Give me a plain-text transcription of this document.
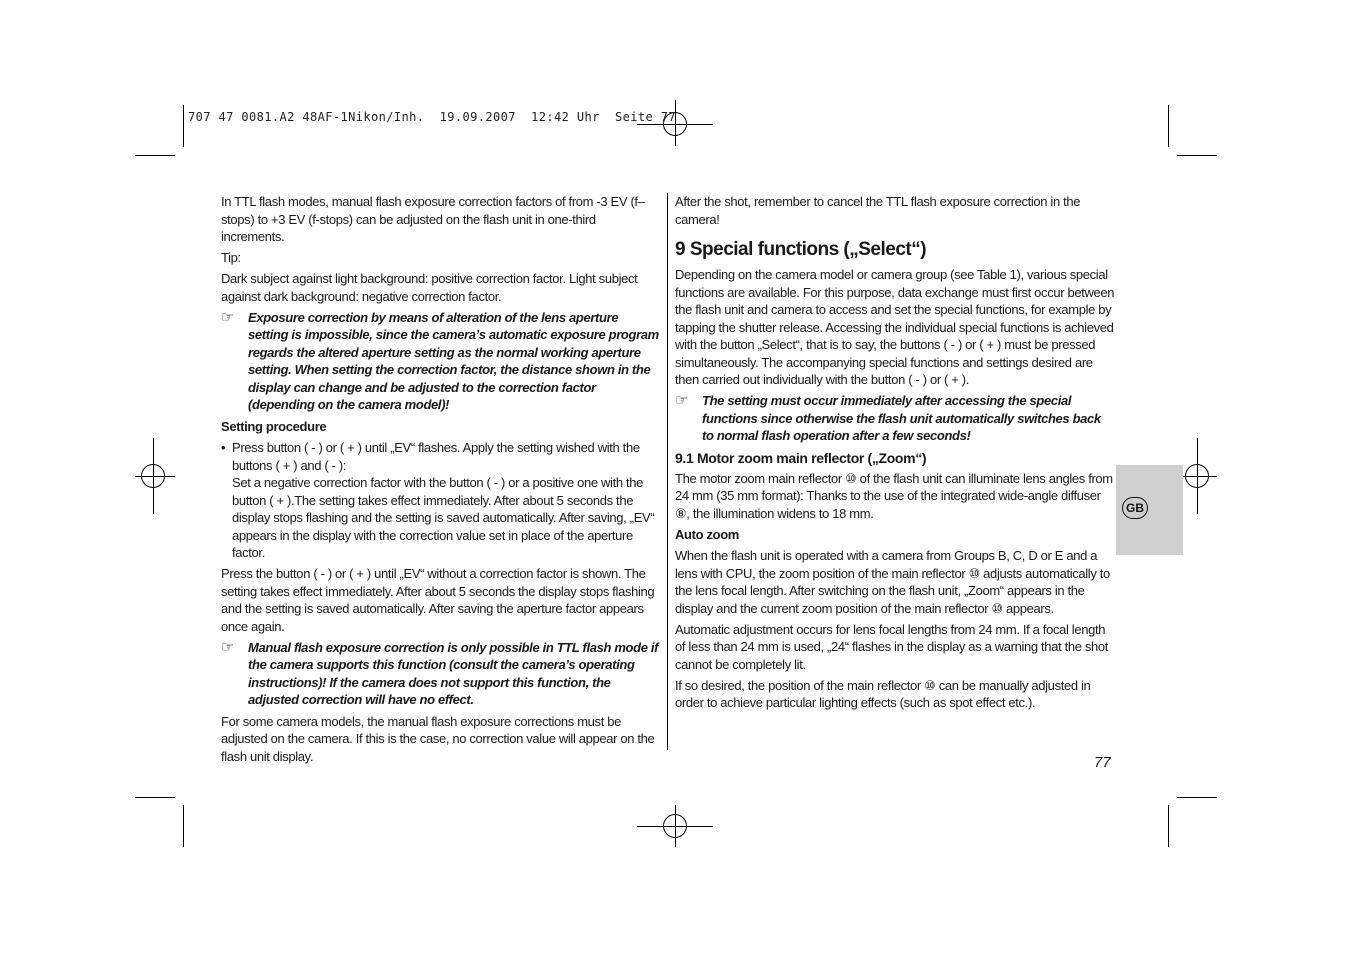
707 47 0081.A2 48AF-1Nikon/Inh.  19.09.2007  12:42 Uhr  Seite 77

In TTL flash modes, manual flash exposure correction factors of from -3 EV (f–stops) to +3 EV (f-stops) can be adjusted on the flash unit in one-third increments.

Tip:

Dark subject against light background: positive correction factor. Light subject against dark background: negative correction factor.

☞ Exposure correction by means of alteration of the lens aperture setting is impossible, since the camera’s automatic exposure program regards the altered aperture setting as the normal working aperture setting. When setting the correction factor, the distance shown in the display can change and be adjusted to the correction factor (depending on the camera model)!
Setting procedure
• Press button ( - ) or ( + ) until „EV“ flashes. Apply the setting wished with the buttons ( + ) and ( - ):

Set a negative correction factor with the button ( - ) or a positive one with the button ( + ).The setting takes effect immediately. After about 5 seconds the display stops flashing and the setting is saved automatically. After saving, „EV“ appears in the display with the correction value set in place of the aperture factor.

Press the button ( - ) or ( + ) until „EV“ without a correction factor is shown. The setting takes effect immediately. After about 5 seconds the display stops flashing and the setting is saved automatically. After saving the aperture factor appears once again.

☞ Manual flash exposure correction is only possible in TTL flash mode if the camera supports this function (consult the camera’s operating instructions)! If the camera does not support this function, the adjusted correction will have no effect.

For some camera models, the manual flash exposure corrections must be adjusted on the camera. If this is the case, no correction value will appear on the flash unit display.

After the shot, remember to cancel the TTL flash exposure correction in the camera!

9 Special functions („Select“)

Depending on the camera model or camera group (see Table 1), various special functions are available. For this purpose, data exchange must first occur between the flash unit and camera to access and set the special functions, for example by tapping the shutter release. Accessing the individual special functions is achieved with the button „Select“, that is to say, the buttons ( - ) or ( + ) must be pressed simultaneously. The accompanying special functions and settings desired are then carried out individually with the button ( - ) or ( + ).

☞ The setting must occur immediately after accessing the special functions since otherwise the flash unit automatically switches back to normal flash operation after a few seconds!
9.1 Motor zoom main reflector („Zoom“)

The motor zoom main reflector ⑩ of the flash unit can illuminate lens angles from 24 mm (35 mm format): Thanks to the use of the integrated wide-angle diffuser ⑧, the illumination widens to 18 mm.

Auto zoom

When the flash unit is operated with a camera from Groups B, C, D or E and a lens with CPU, the zoom position of the main reflector ⑩ adjusts automatically to the lens focal length. After switching on the flash unit, „Zoom“ appears in the display and the current zoom position of the main reflector ⑩ appears.

Automatic adjustment occurs for lens focal lengths from 24 mm. If a focal length of less than 24 mm is used, „24“ flashes in the display as a warning that the shot cannot be completely lit.

If so desired, the position of the main reflector ⑩ can be manually adjusted in order to achieve particular lighting effects (such as spot effect etc.).

GB
77
